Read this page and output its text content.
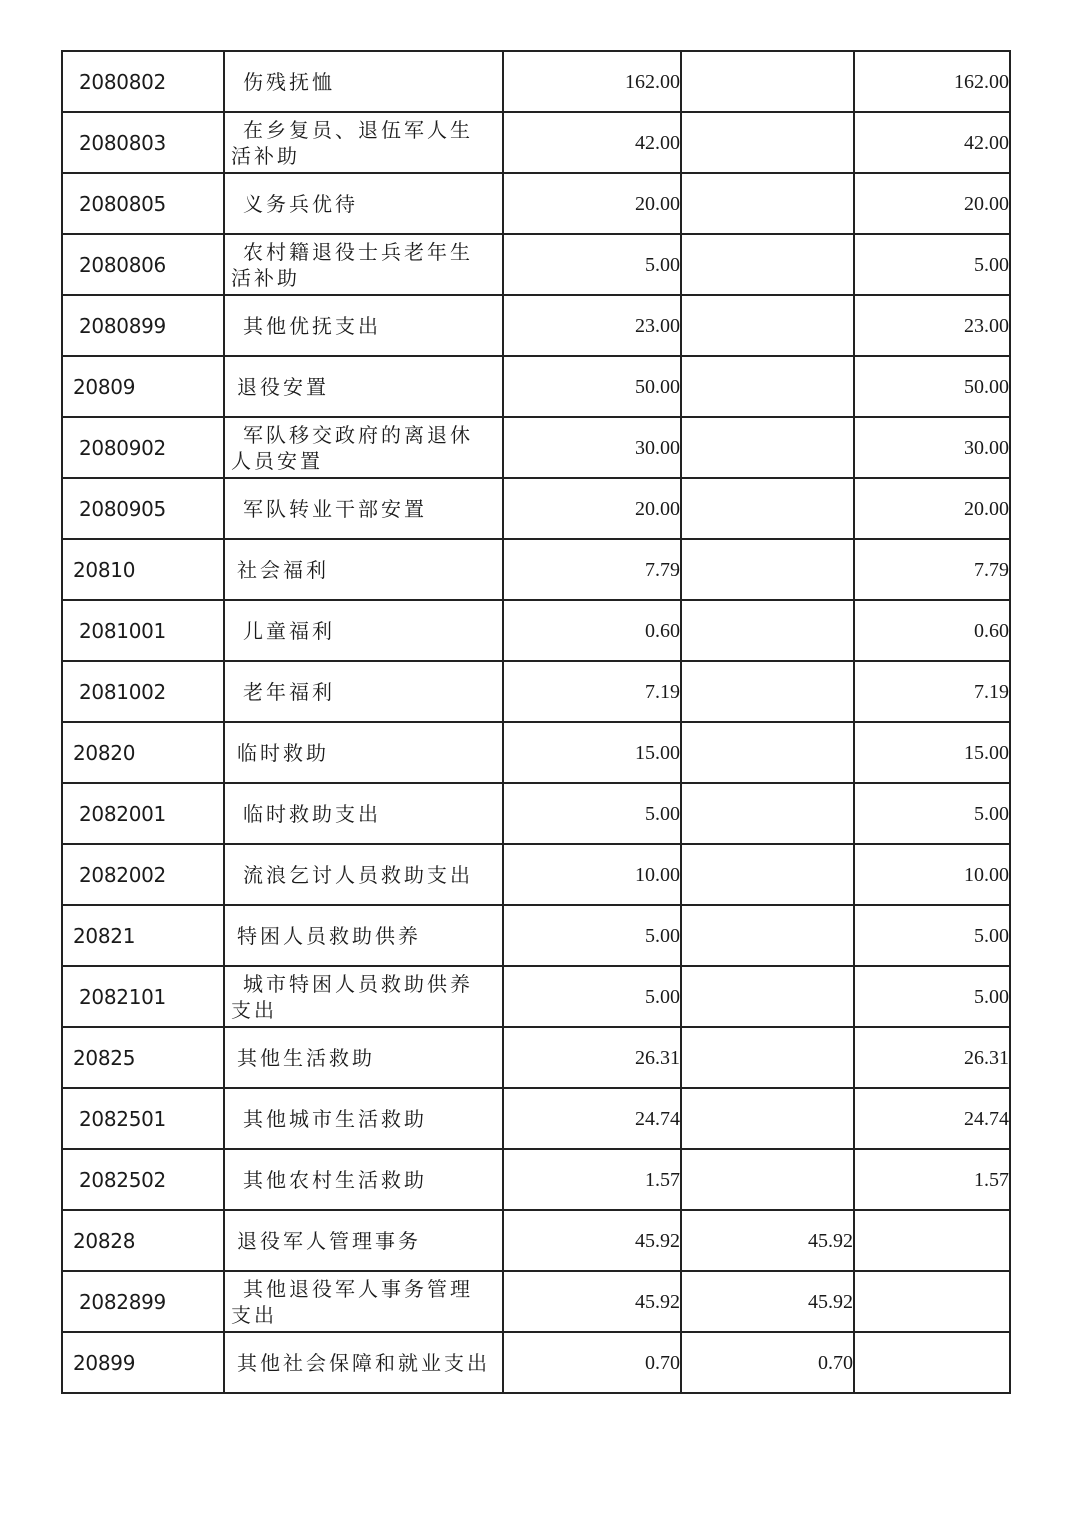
2080802	伤残抚恤	162.00		162.00
2080803	在乡复员、退伍军人生活补助	42.00		42.00
2080805	义务兵优待	20.00		20.00
2080806	农村籍退役士兵老年生活补助	5.00		5.00
2080899	其他优抚支出	23.00		23.00
20809	退役安置	50.00		50.00
2080902	军队移交政府的离退休人员安置	30.00		30.00
2080905	军队转业干部安置	20.00		20.00
20810	社会福利	7.79		7.79
2081001	儿童福利	0.60		0.60
2081002	老年福利	7.19		7.19
20820	临时救助	15.00		15.00
2082001	临时救助支出	5.00		5.00
2082002	流浪乞讨人员救助支出	10.00		10.00
20821	特困人员救助供养	5.00		5.00
2082101	城市特困人员救助供养支出	5.00		5.00
20825	其他生活救助	26.31		26.31
2082501	其他城市生活救助	24.74		24.74
2082502	其他农村生活救助	1.57		1.57
20828	退役军人管理事务	45.92	45.92	
2082899	其他退役军人事务管理支出	45.92	45.92	
20899	其他社会保障和就业支出	0.70	0.70	
